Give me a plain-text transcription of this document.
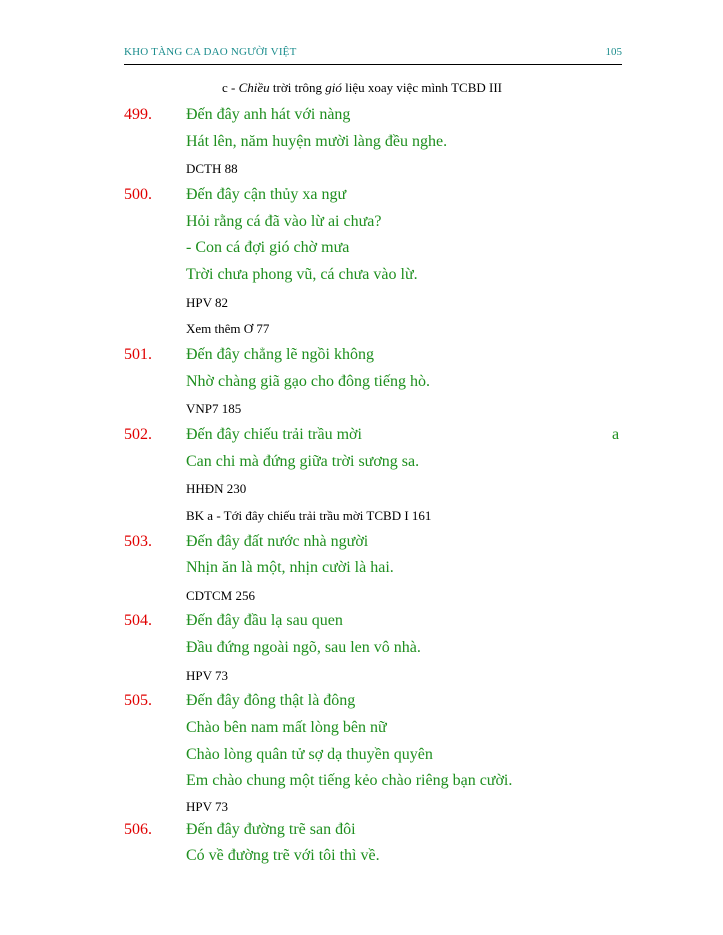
KHO TÀNG CA DAO NGƯỜI VIỆT	105
c - Chiều trời trông gió liệu xoay việc mình TCBD III
499. Đến đây anh hát với nàng
Hát lên, năm huyện mười làng đều nghe.
DCTH 88
500. Đến đây cận thủy xa ngư
Hỏi rằng cá đã vào lừ ai chưa?
- Con cá đợi gió chờ mưa
Trời chưa phong vũ, cá chưa vào lừ.
HPV 82
Xem thêm Ơ 77
501. Đến đây chẳng lẽ ngồi không
Nhờ chàng giã gạo cho đông tiếng hò.
VNP7 185
502. Đến đây chiếu trải trầu mời	a
Can chi mà đứng giữa trời sương sa.
HHĐN 230
BK a - Tới đây chiếu trải trầu mời TCBD I 161
503. Đến đây đất nước nhà người
Nhịn ăn là một, nhịn cười là hai.
CDTCM 256
504. Đến đây đầu lạ sau quen
Đầu đứng ngoài ngõ, sau len vô nhà.
HPV 73
505. Đến đây đông thật là đông
Chào bên nam mất lòng bên nữ
Chào lòng quân tử sợ dạ thuyền quyên
Em chào chung một tiếng kẻo chào riêng bạn cười.
HPV 73
506. Đến đây đường trẽ san đôi
Có về đường trẽ với tôi thì về.
